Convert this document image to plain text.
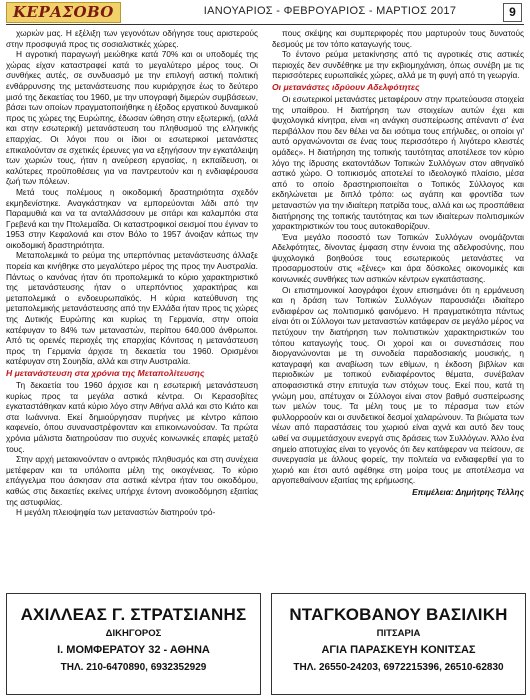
ΚΕΡΑΣΟΒΟ	ΙΑΝΟΥΑΡΙΟΣ - ΦΕΒΡΟΥΑΡΙΟΣ - ΜΑΡΤΙΟΣ 2017	9

χωριών μας. Η εξέλιξη των γεγονότων οδήγησε τους αριστερούς στην προσφυγιά προς τις σοσιαλιστικές χώρες.

Η αγροτική παραγωγή μειώθηκε κατά 70% και οι υποδομές της χώρας είχαν καταστραφεί κατά το μεγαλύτερο μέρος τους. Οι συνθήκες αυτές, σε συνδυασμό με την επιλογή αστική πολιτική ενθάρρυνσης της μετανάστευσης που κυριάρχησε έως το δεύτερο μισό της δεκαετίας του 1960, με την υπογραφή διμερών συμβάσεων, βάσει των οποίων πραγματοποιήθηκε η έξοδος εργατικού δυναμικού προς τις χώρες της Ευρώπης, έδωσαν ώθηση στην εξωτερική, (αλλά και στην εσωτερική) μετανάστευση του πληθυσμού της ελληνικής επαρχίας. Οι λόγοι που οι ίδιοι οι εσωτερικοί μετανάστες επικαλούνταν σε σχετικές έρευνες για να εξηγήσουν την εγκατάλειψη των χωριών τους, ήταν η ανεύρεση εργασίας, η εκπαίδευση, οι καλύτερες προϋποθέσεις για να παντρευτούν και η ενδιαφέρουσα ζωή των πόλεων.

Μετά τους πολέμους η οικοδομική δραστηριότητα σχεδόν εκμηδενίστηκε. Αναγκάστηκαν να εμπορεύονται λάδι από την Παραμυθιά και να τα ανταλλάσσουν με σιτάρι και καλαμπόκι στα Γρεβενά και την Πτολεμαΐδα. Οι καταστροφικοί σεισμοί που έγιναν το 1953 στην Κεφαλονιά και στον Βόλο το 1957 άνοιξαν κάπως την οικοδομική δραστηριότητα.

Μεταπολεμικά το ρεύμα της υπερπόντιας μετανάστευσης άλλαξε πορεία και κινήθηκε στο μεγαλύτερο μέρος της προς την Αυστραλία. Πάντως ο κανόνας ήταν ότι προπολεμικά το κύριο χαρακτηριστικό της μετανάστευσης ήταν ο υπερπόντιος χαρακτήρας και μεταπολεμικά ο ενδοευρωπαϊκός. Η κύρια κατεύθυνση της μεταπολεμικής μετανάστευσης από την Ελλάδα ήταν προς τις χώρες της Δυτικής Ευρώπης και κυρίως τη Γερμανία, στην οποία κατέφυγαν το 84% των μεταναστών, περίπου 640.000 άνθρωποι. Από τις ορεινές περιοχές της επαρχίας Κόνιτσας η μετανάστευση προς τη Γερμανία άρχισε τη δεκαετία του 1960. Ορισμένοι κατέφυγαν στη Σουηδία, αλλά και στην Αυστραλία.

Η μετανάστευση στα χρόνια της Μεταπολίτευσης

Τη δεκαετία του 1960 άρχισε και η εσωτερική μετανάστευση κυρίως προς τα μεγάλα αστικά κέντρα. Οι Κερασοβίτες εγκαταστάθηκαν κατά κύριο λόγο στην Αθήνα αλλά και στο Κιάτο και στα Ιωάννινα. Εκεί δημιούργησαν πυρήνες με κέντρο κάποιο καφενείο, όπου συναναστρέφονταν και επικοινωνούσαν. Τα πρώτα χρόνια μάλιστα διατηρούσαν πιο συχνές κοινωνικές επαφές μεταξύ τους.

Στην αρχή μετακινούνταν ο αντρικός πληθυσμός και στη συνέχεια μετέφεραν και τα υπόλοιπα μέλη της οικογένειας. Το κύριο επάγγελμα που άσκησαν στα αστικά κέντρα ήταν του οικοδόμου, καθώς στις δεκαετίες εκείνες υπήρχε έντονη ανοικοδόμηση εξαιτίας της αστυφιλίας.

Η μεγάλη πλειοψηφία των μεταναστών διατηρούν τρό-

πους σκέψης και συμπεριφορές που μαρτυρούν τους δυνατούς δεσμούς με τον τόπο καταγωγής τους.

Το έντονο ρεύμα μετακίνησης από τις αγροτικές στις αστικές περιοχές δεν συνδέθηκε με την εκβιομηχάνιση, όπως συνέβη με τις περισσότερες ευρωπαϊκές χώρες, αλλά με τη φυγή από τη γεωργία.

Οι μετανάστες ιδρύουν Αδελφότητες

Οι εσωτερικοί μετανάστες μεταφέρουν στην πρωτεύουσα στοιχεία της υπαίθρου. Η διατήρηση των στοιχείων αυτών έχει και ψυχολογικά κίνητρα, είναι «η ανάγκη συσπείρωσης απέναντι σ' ένα περιβάλλον που δεν θέλει να δει ισότιμα τους επήλυδες, οι οποίοι γι' αυτό οργανώνονται σε ένας τους περισσότερο ή λιγότερο κλειστές ομάδες». Η διατήρηση της τοπικής ταυτότητας αποτέλεσε τον κύριο λόγο της ίδρυσης εκατοντάδων Τοπικών Συλλόγων στον αθηναϊκό αστικό χώρο. Ο τοπικισμός αποτελεί το ιδεολογικό πλαίσιο, μέσα από το οποίο δραστηριοποιείται ο Τοπικός Σύλλογος και εκδηλώνεται με διπλό τρόπο: ως αγάπη και φροντίδα των μεταναστών για την ιδιαίτερη πατρίδα τους, αλλά και ως προσπάθεια διατήρησης της τοπικής ταυτότητας και των ιδιαίτερων πολιτισμικών χαρακτηριστικών του τους αυτοκαθορίζουν.

Ένα μεγάλο ποσοστό των Τοπικών Συλλόγων ονομάζονται Αδελφότητες, δίνοντας έμφαση στην έννοια της αδελφοσύνης, που ψυχολογικά βοηθούσε τους εσωτερικούς μετανάστες να προσαρμοστούν στις «ξένες» και άρα δύσκολες οικονομικές και κοινωνικές συνθήκες των αστικών κέντρων εγκατάστασης.

Οι επιστημονικοί λαογράφοι έχουν επισημάνει ότι η ερμάνευση και η δράση των Τοπικών Συλλόγων παρουσιάζει ιδιαίτερο ενδιαφέρον ως πολιτισμικό φαινόμενο. Η πραγματικότητα πάντως είναι ότι οι Σύλλογοι των μεταναστών κατάφεραν σε μεγάλο μέρος να πετύχουν την διατήρηση των πολιτιστικών χαρακτηριστικών του τόπου καταγωγής τους. Οι χοροί και οι συνεστιάσεις που διοργανώνονται με τη συνοδεία παραδοσιακής μουσικής, η καταγραφή και αναβίωση των εθίμων, η έκδοση βιβλίων και περιοδικών με τοπικού ενδιαφέροντος θέματα, συνέβαλαν αποφασιστικά στην επιτυχία των στόχων τους. Εκεί που, κατά τη γνώμη μου, απέτυχαν οι Σύλλογοι είναι στον βαθμό συσπείρωσης των μελών τους. Τα μέλη τους με το πέρασμα των ετών φυλλορροούν και οι συνδετικοί δεσμοί χαλαρώνουν. Τα βιώματα των νέων από παραστάσεις του χωριού είναι αχνά και αυτό δεν τους ωθεί να συμμετάσχουν ενεργά στις δράσεις των Συλλόγων. Άλλο ένα σημείο αποτυχίας είναι το γεγονός ότι δεν κατάφεραν να πείσουν, σε συνεργασία με άλλους φορείς, την πολιτεία να ενδιαφερθεί για το χωριό και έτσι αυτό αφέθηκε στη μοίρα τους με αποτέλεσμα να αργοπεθαίνουν εξαιτίας της ερήμωσης.

Επιμέλεια: Δημήτρης Τέλλης
ΑΧΙΛΛΕΑΣ Γ. ΣΤΡΑΤΣΙΑΝΗΣ
ΔΙΚΗΓΟΡΟΣ
Ι. ΜΟΜΦΕΡΑΤΟΥ 32 - ΑΘΗΝΑ
ΤΗΛ. 210-6470890, 6932352929
ΝΤΑΓΚΟΒΑΝΟΥ ΒΑΣΙΛΙΚΗ
ΠΙΤΣΑΡΙΑ
ΑΓΙΑ ΠΑΡΑΣΚΕΥΗ ΚΟΝΙΤΣΑΣ
ΤΗΛ. 26550-24203, 6972215396, 26510-62830
